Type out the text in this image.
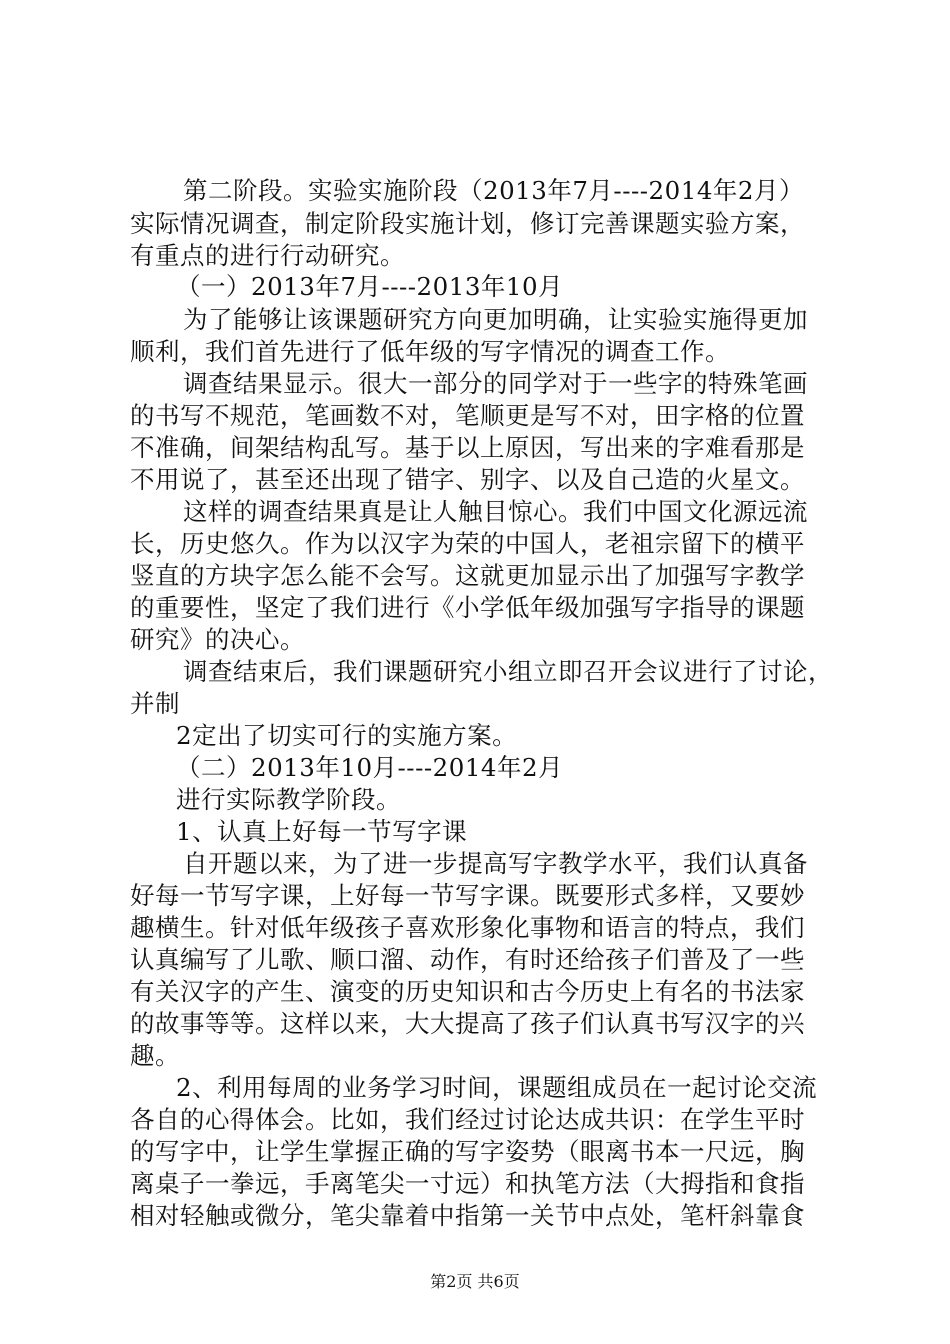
第二阶段。实验实施阶段（2013年7月----2014年2月）
实际情况调查，制定阶段实施计划，修订完善课题实验方案，
有重点的进行行动研究。
（一）2013年7月----2013年10月
为了能够让该课题研究方向更加明确，让实验实施得更加
顺利，我们首先进行了低年级的写字情况的调查工作。
调查结果显示。很大一部分的同学对于一些字的特殊笔画
的书写不规范，笔画数不对，笔顺更是写不对，田字格的位置
不准确，间架结构乱写。基于以上原因，写出来的字难看那是
不用说了，甚至还出现了错字、别字、以及自己造的火星文。
这样的调查结果真是让人触目惊心。我们中国文化源远流
长，历史悠久。作为以汉字为荣的中国人，老祖宗留下的横平
竖直的方块字怎么能不会写。这就更加显示出了加强写字教学
的重要性，坚定了我们进行《小学低年级加强写字指导的课题
研究》的决心。
调查结束后，我们课题研究小组立即召开会议进行了讨论，
并制
2定出了切实可行的实施方案。
（二）2013年10月----2014年2月
进行实际教学阶段。
1、认真上好每一节写字课
自开题以来，为了进一步提高写字教学水平，我们认真备
好每一节写字课，上好每一节写字课。既要形式多样，又要妙
趣横生。针对低年级孩子喜欢形象化事物和语言的特点，我们
认真编写了儿歌、顺口溜、动作，有时还给孩子们普及了一些
有关汉字的产生、演变的历史知识和古今历史上有名的书法家
的故事等等。这样以来，大大提高了孩子们认真书写汉字的兴
趣。
2、利用每周的业务学习时间，课题组成员在一起讨论交流
各自的心得体会。比如，我们经过讨论达成共识：在学生平时
的写字中，让学生掌握正确的写字姿势（眼离书本一尺远，胸
离桌子一拳远，手离笔尖一寸远）和执笔方法（大拇指和食指
相对轻触或微分，笔尖靠着中指第一关节中点处，笔杆斜靠食
第2页 共6页
